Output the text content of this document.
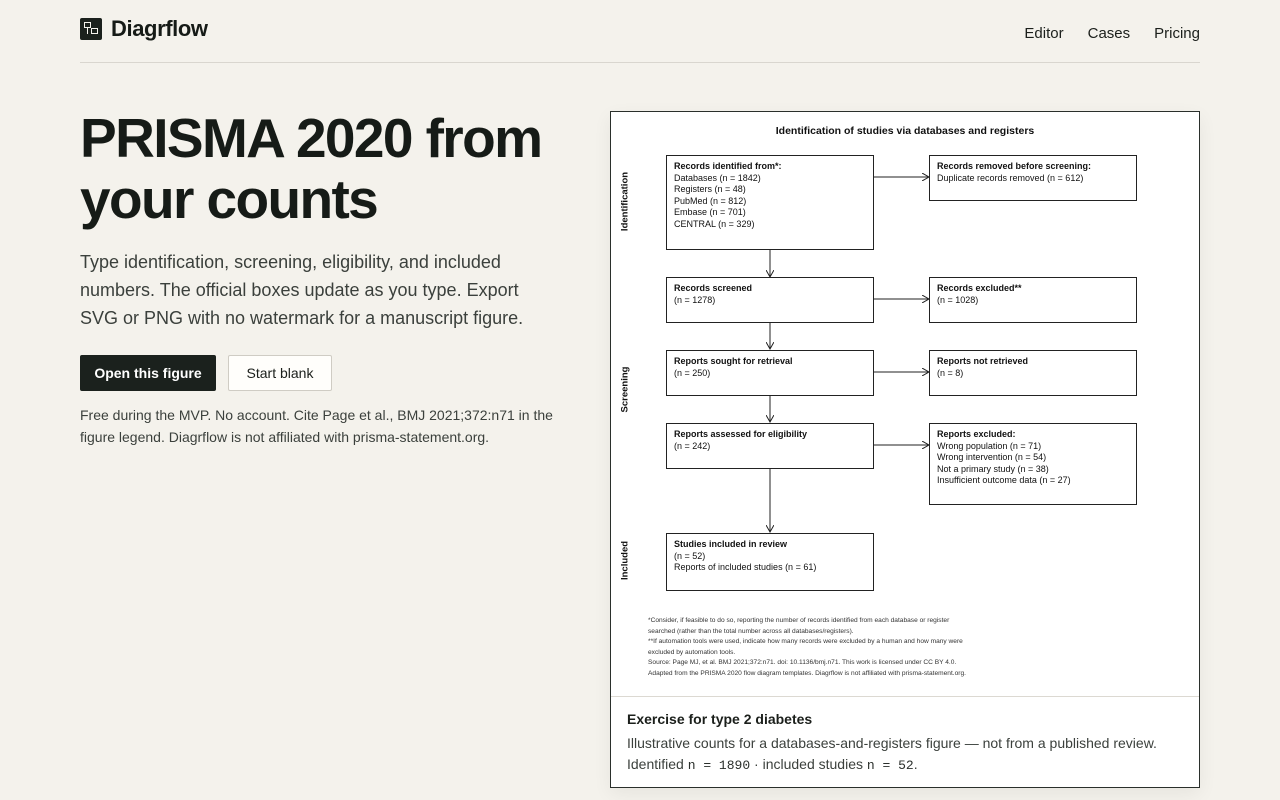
Diagrflow	Editor Cases Pricing
PRISMA 2020 from your counts

Type identification, screening, eligibility, and included numbers. The official boxes update as you type. Export SVG or PNG with no watermark for a manuscript figure.

Open this figure	Start blank

Free during the MVP. No account. Cite Page et al., BMJ 2021;372:n71 in the figure legend. Diagrflow is not affiliated with prisma-statement.org.

Identification of studies via databases and registers
Identification
Screening
Included
Records identified from*:
Databases (n = 1842)
Registers (n = 48)
PubMed (n = 812)
Embase (n = 701)
CENTRAL (n = 329)
Records removed before screening:
Duplicate records removed (n = 612)
Records screened
(n = 1278)
Records excluded**
(n = 1028)
Reports sought for retrieval
(n = 250)
Reports not retrieved
(n = 8)
Reports assessed for eligibility
(n = 242)
Reports excluded:
Wrong population (n = 71)
Wrong intervention (n = 54)
Not a primary study (n = 38)
Insufficient outcome data (n = 27)
Studies included in review
(n = 52)
Reports of included studies (n = 61)
*Consider, if feasible to do so, reporting the number of records identified from each database or register
searched (rather than the total number across all databases/registers).
**If automation tools were used, indicate how many records were excluded by a human and how many were
excluded by automation tools.
Source: Page MJ, et al. BMJ 2021;372:n71. doi: 10.1136/bmj.n71. This work is licensed under CC BY 4.0.
Adapted from the PRISMA 2020 flow diagram templates. Diagrflow is not affiliated with prisma-statement.org.
Exercise for type 2 diabetes
Illustrative counts for a databases-and-registers figure — not from a published review.
Identified n = 1890 · included studies n = 52.
